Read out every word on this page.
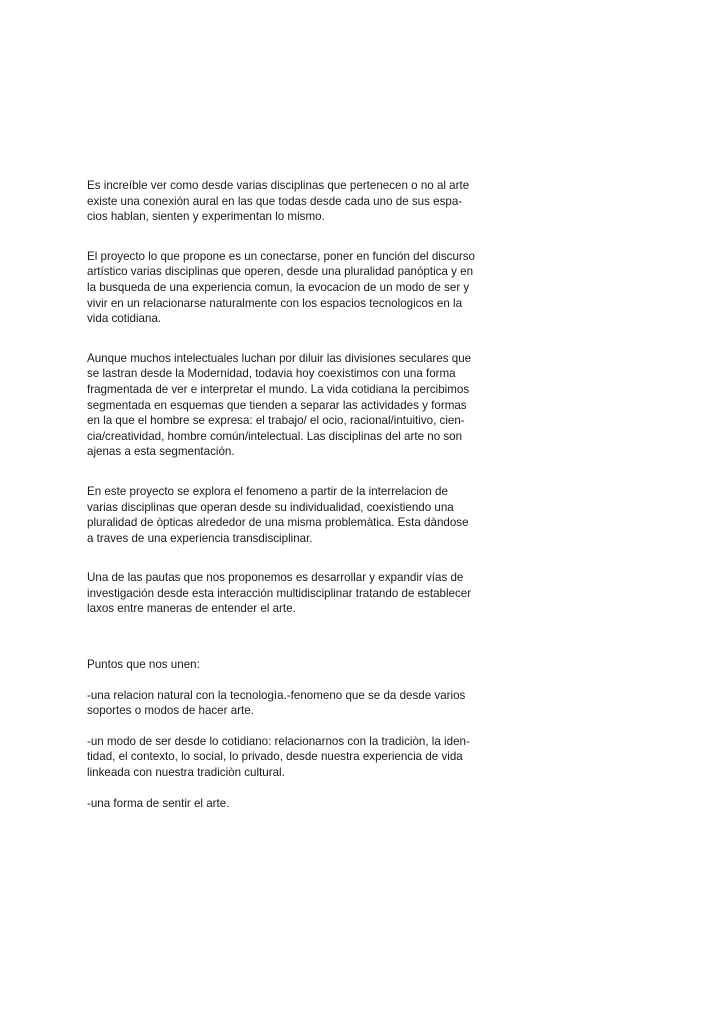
Es increíble ver como desde varias disciplinas que pertenecen o no al arte
existe una conexión aural en las que todas desde cada uno de sus espa-
cios hablan, sienten y experimentan lo mismo.

El proyecto lo que propone es un conectarse, poner en función del discurso
artístico varias disciplinas que operen, desde una pluralidad panóptica y en
la busqueda de una experiencia comun, la evocacion de un modo de ser y
vivir en un relacionarse naturalmente con los espacios tecnologicos en la
vida cotidiana.

Aunque muchos intelectuales luchan por diluir las divisiones seculares que
se lastran desde la Modernidad, todavia hoy coexistimos con una forma
fragmentada de ver e interpretar el mundo. La vida cotidiana la percibimos
segmentada en esquemas que tienden a separar las actividades y formas
en la que el hombre se expresa: el trabajo/ el ocio, racional/intuitivo, cien-
cia/creatividad, hombre común/intelectual. Las disciplinas del arte no son
ajenas a esta segmentación.

En este proyecto se explora el fenomeno a partir de la interrelacion de
varias disciplinas que operan desde su individualidad, coexistiendo una
pluralidad de òpticas alrededor de una misma problemàtica. Esta dàndose
a traves de una experiencia transdisciplinar.

Una de las pautas que nos proponemos es desarrollar y expandir vías de
investigación desde esta interacción multidisciplinar tratando de establecer
laxos entre maneras de entender el arte.

Puntos que nos unen:

-una relacion natural con la tecnologìa.-fenomeno que se da desde varios
soportes o modos de hacer arte.

-un modo de ser desde lo cotidiano: relacionarnos con la tradiciòn, la iden-
tidad, el contexto, lo social, lo privado, desde nuestra experiencia de vida
linkeada con nuestra tradiciòn cultural.

-una forma de sentir el arte.
